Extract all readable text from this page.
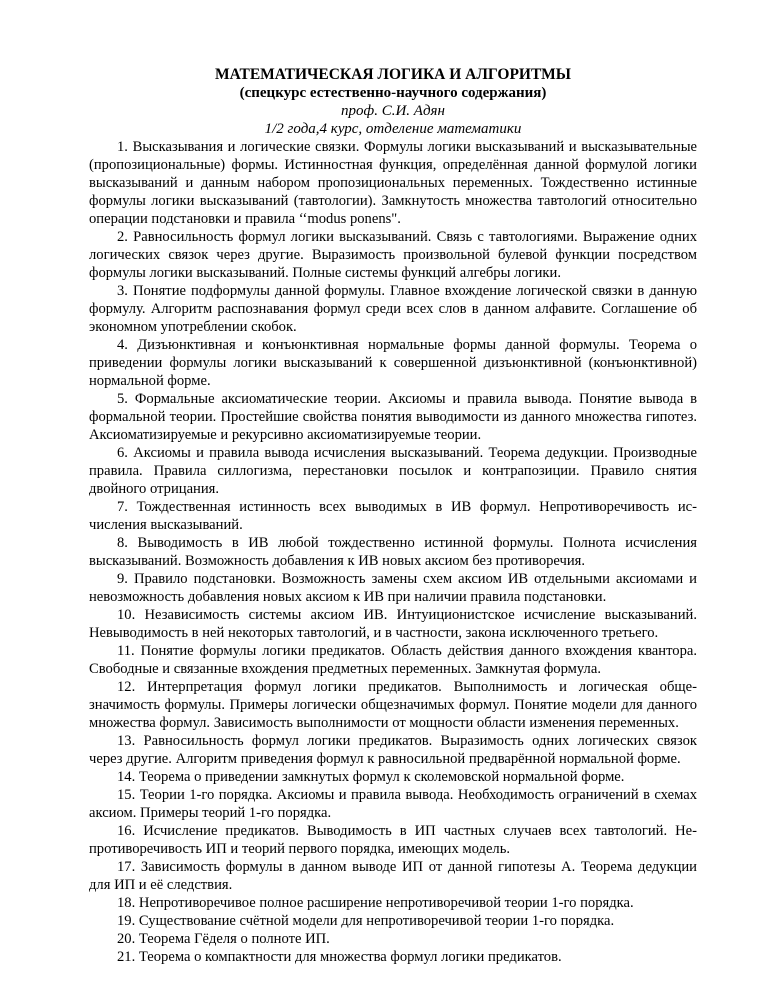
МАТЕМАТИЧЕСКАЯ ЛОГИКА И АЛГОРИТМЫ

(спецкурс естественно-научного содержания)

проф. С.И. Адян

1/2 года,4 курс, отделение математики

1. Высказывания и логические связки. Формулы логики высказываний и высказывательные (пропозициональные) формы. Истинностная функция, определённая данной формулой логики высказываний и данным набором пропозициональных переменных. Тождественно истинные формулы логики высказываний (тавтологии). Замкнутость множества тавтологий относительно операции подстановки и правила ‘‘modus ponens".

2. Равносильность формул логики высказываний. Связь с тавтологиями. Выражение одних логических связок через другие. Выразимость произвольной булевой функции посредством формулы логики высказываний. Полные системы функций алгебры логики.

3. Понятие подформулы данной формулы. Главное вхождение логической связки в данную формулу. Алгоритм распознавания формул среди всех слов в данном алфавите. Соглашение об экономном употреблении скобок.

4. Дизъюнктивная и конъюнктивная нормальные формы данной формулы. Теорема о приведении формулы логики высказываний к совершенной дизъюнктивной (конъюнктивной) нормальной форме.

5. Формальные аксиоматические теории. Аксиомы и правила вывода. Понятие вывода в формальной теории. Простейшие свойства понятия выводимости из данного множества гипотез. Аксиоматизируемые и рекурсивно аксиоматизируемые теории.

6. Аксиомы и правила вывода исчисления высказываний. Теорема дедукции. Производные правила. Правила силлогизма, перестановки посылок и контрапозиции. Правило снятия двойного отрицания.

7. Тождественная истинность всех выводимых в ИВ формул. Непротиворечивость исчисления высказываний.

8. Выводимость в ИВ любой тождественно истинной формулы. Полнота исчисления высказываний. Возможность добавления к ИВ новых аксиом без противоречия.

9. Правило подстановки. Возможность замены схем аксиом ИВ отдельными аксиомами и невозможность добавления новых аксиом к ИВ при наличии правила подстановки.

10. Независимость системы аксиом ИВ. Интуиционистское исчисление высказываний. Невыводимость в ней некоторых тавтологий, и в частности, закона исключенного третьего.

11. Понятие формулы логики предикатов. Область действия данного вхождения квантора. Свободные и связанные вхождения предметных переменных. Замкнутая формула.

12. Интерпретация формул логики предикатов. Выполнимость и логическая общезначимость формулы. Примеры логически общезначимых формул. Понятие модели для данного множества формул. Зависимость выполнимости от мощности области изменения переменных.

13. Равносильность формул логики предикатов. Выразимость одних логических связок через другие. Алгоритм приведения формул к равносильной предварённой нормальной форме.

14. Теорема о приведении замкнутых формул к сколемовской нормальной форме.

15. Теории 1-го порядка. Аксиомы и правила вывода. Необходимость ограничений в схемах аксиом. Примеры теорий 1-го порядка.

16. Исчисление предикатов. Выводимость в ИП частных случаев всех тавтологий. Непротиворечивость ИП и теорий первого порядка, имеющих модель.

17. Зависимость формулы в данном выводе ИП от данной гипотезы A. Теорема дедукции для ИП и её следствия.

18. Непротиворечивое полное расширение непротиворечивой теории 1-го порядка.

19. Существование счётной модели для непротиворечивой теории 1-го порядка.

20. Теорема Гёделя о полноте ИП.

21. Теорема о компактности для множества формул логики предикатов.
